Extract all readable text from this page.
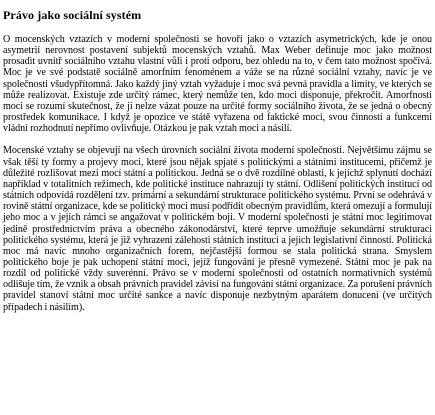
Právo jako sociální systém

O mocenských vztazích v moderní společnosti se hovoří jako o vztazích asymetrických, kde je onou asymetrií nerovnost postavení subjektů mocenských vztahů. Max Weber definuje moc jako možnost prosadit uvnitř sociálního vztahu vlastní vůli i proti odporu, bez ohledu na to, v čem tato možnost spočívá. Moc je ve své podstatě sociálně amorfním fenoménem a váže se na různé sociální vztahy, navíc je ve společnosti všudypřítomná. Jako každý jiný vztah vyžaduje i moc svá pevná pravidla a limity, ve kterých se může realizovat. Existuje zde určitý rámec, který nemůže ten, kdo moci disponuje, překročit. Amorfnosti moci se rozumí skutečnost, že ji nelze vázat pouze na určité formy sociálního života, že se jedná o obecný prostředek komunikace. I když je opozice ve státě vyřazena od faktické moci, svou činností a funkcemi vládní rozhodnutí nepřímo ovlivňuje. Otázkou je pak vztah moci a násilí.

Mocenské vztahy se objevují na všech úrovních sociální života moderní společnosti. Největšímu zájmu se však těší ty formy a projevy moci, které jsou nějak spjaté s politickými a státními institucemi, přičemž je důležité rozlišovat mezi mocí státní a politickou. Jedná se o dvě rozdílné oblasti, k jejichž splynutí dochází například v totalitních režimech, kde politické instituce nahrazují ty státní. Odlišení politických institucí od státních odpovídá rozdělení tzv. primární a sekundární strukturace politického systému. První se odehrává v rovině státní organizace, kde se politický moci musí podřídit obecným pravidlům, která omezují a formulují jeho moc a v jejích rámci se angažovat v politickém boji. V moderní společnosti je státní moc legitimovat jedině prostřednictvím práva a obecného zákonodárství, které teprve umožňuje sekundární strukturaci politického systému, která je již vyhrazeni zálehosti státních institucí a jejich legislativní činností. Politická moc má navíc mnoho organizačních forem, nejčastější formou se stala politická strana. Smyslem politického boje je pak uchopení státní moci, jejíž fungování je přesně vymezené. Státní moc je pak na rozdíl od politické vždy suverénní. Právo se v moderní společnosti od ostatních normativních systémů odlišuje tím, že vznik a obsah právních pravidel závisí na fungování státní organizace. Za porušení právních pravidel stanoví státní moc určité sankce a navíc disponuje nezbytným aparátem donucení (ve určitých případech i násilím).
